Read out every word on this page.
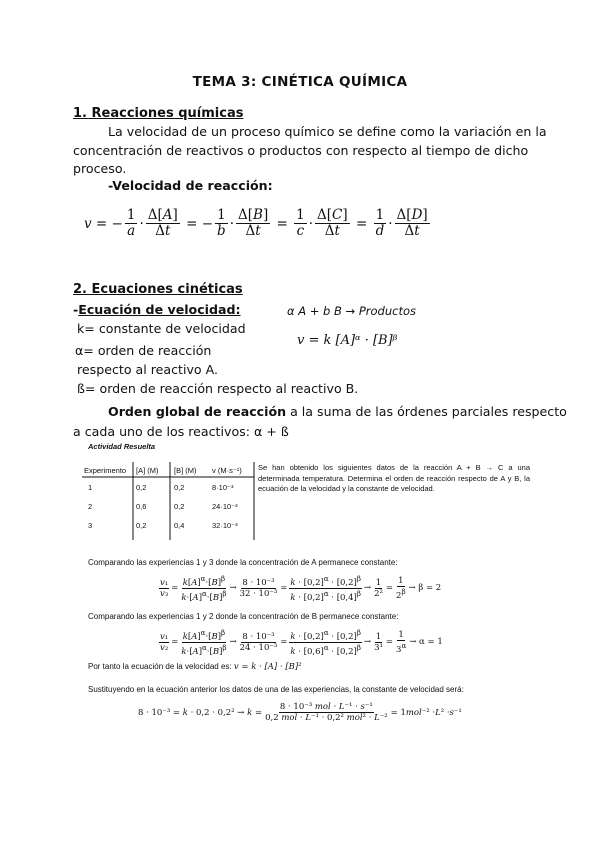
TEMA 3: CINÉTICA QUÍMICA
1. Reacciones químicas
La velocidad de un proceso químico se define como la variación en la
concentración de reactivos o productos con respecto al tiempo de dicho
proceso.
-Velocidad de reacción:
v = − $\frac{1}{a} \cdot \frac{\Delta[A]}{\Delta t}$ = − $\frac{1}{b} \cdot \frac{\Delta[B]}{\Delta t} = \frac{1}{c} \cdot \frac{\Delta[C]}{\Delta t} = \frac{1}{d} \cdot \frac{\Delta[D]}{\Delta t}$
2. Ecuaciones cinéticas
-Ecuación de velocidad:	α A + b B → Productos
k= constante de velocidad
v = k [A]ᵅ · [B]ᵝ
α= orden de reacción
respecto al reactivo A.
ß= orden de reacción respecto al reactivo B.
Orden global de reacción a la suma de las órdenes parciales respecto
a cada uno de los reactivos: α + ß
Actividad Resuelta
Experimento	[A] (M)	[B] (M)	v (M·s⁻¹)
1	0,2	0,2	8·10⁻³
2	0,6	0,2	24·10⁻³
3	0,2	0,4	32·10⁻³
Se han obtenido los siguientes datos de la reacción A + B → C a una determinada temperatura. Determina el orden de reacción respecto de A y B, la ecuación de la velocidad y la constante de velocidad.
Comparando las experiencias 1 y 3 donde la concentración de A permanece constante:
v₁
v₃
=
$k[A]^\alpha\cdot[B]^\beta$
$k\cdot[A]^\alpha\cdot[B]^\beta$ →
8 · 10⁻³
32 · 10⁻³
=
$k \cdot [0,2]^\alpha \cdot [0,2]^\beta$
$k \cdot [0,2]^\alpha \cdot [0,4]^\beta$ →
1
2²
=
1
$2^\beta \to \beta = 2$
Comparando las experiencias 1 y 2 donde la concentración de B permanece constante:
v₁
v₂
=
$k[A]^\alpha\cdot[B]^\beta$
$k\cdot[A]^\alpha\cdot[B]^\beta$ →
8 · 10⁻³
24 · 10⁻³
=
$k \cdot [0,2]^\alpha \cdot [0,2]^\beta$
$k \cdot [0,6]^\alpha \cdot [0,2]^\beta$ →
1
3¹
=
1
$3^\alpha \to \alpha = 1$
Por tanto la ecuación de la velocidad es: v = k · [A] · [B]²
Sustituyendo en la ecuación anterior los datos de una de las experiencias, la constante de velocidad será:
8 · 10⁻³ = k · 0,2 · 0,2² → k =
8 · 10⁻³ mol · L⁻¹ · s⁻¹
0,2 mol · L⁻¹ · 0,2² mol² · L⁻²
= 1 mol ⁻² · L ² · s ⁻¹
